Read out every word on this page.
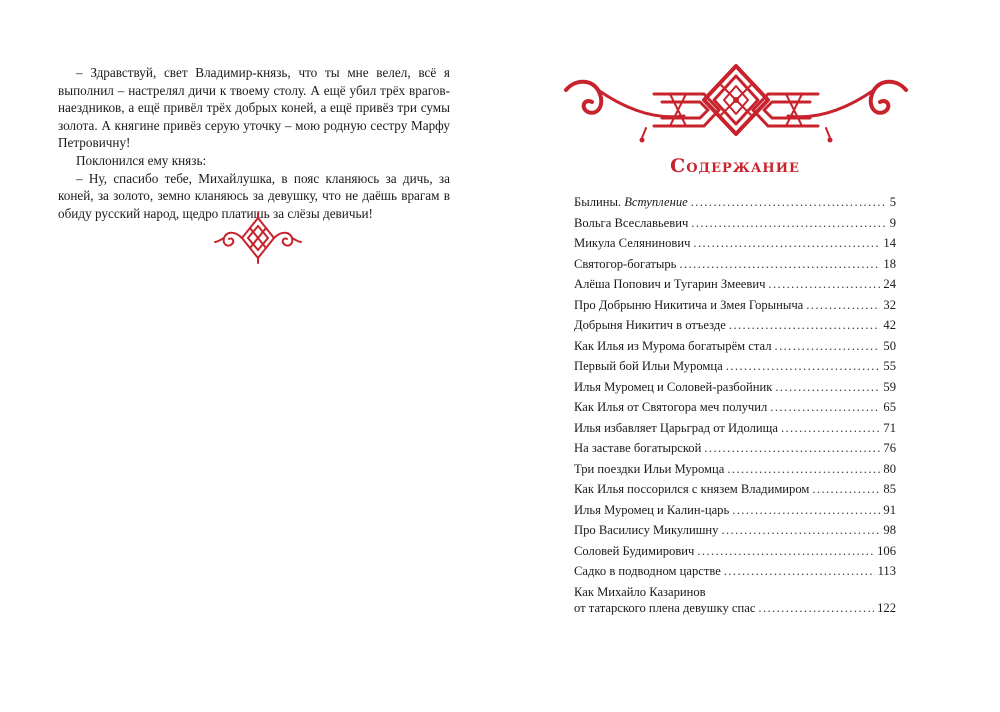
– Здравствуй, свет Владимир-князь, что ты мне велел, всё я выполнил – настрелял дичи к твоему столу. А ещё убил трёх врагов-наездников, а ещё привёл трёх добрых коней, а ещё привёз три сумы золота. А княгине привёз серую уточку – мою родную сестру Марфу Петровичну!

Поклонился ему князь:

– Ну, спасибо тебе, Михайлушка, в пояс кланяюсь за дичь, за коней, за золото, земно кланяюсь за девушку, что не даёшь врагам в обиду русский народ, щедро платишь за слёзы девичьи!

Содержание
Былины. Вступление .....	5
Вольга Всеславьевич .....	9
Микула Селянинович .....	14
Святогор-богатырь .....	18
Алёша Попович и Тугарин Змеевич .....	24
Про Добрыню Никитича и Змея Горыныча .....	32
Добрыня Никитич в отъезде .....	42
Как Илья из Мурома богатырём стал .....	50
Первый бой Ильи Муромца .....	55
Илья Муромец и Соловей-разбойник .....	59
Как Илья от Святогора меч получил .....	65
Илья избавляет Царьград от Идолища .....	71
На заставе богатырской .....	76
Три поездки Ильи Муромца .....	80
Как Илья поссорился с князем Владимиром .....	85
Илья Муромец и Калин-царь .....	91
Про Василису Микулишну .....	98
Соловей Будимирович .....	106
Садко в подводном царстве .....	113
Как Михайло Казаринов
от татарского плена девушку спас .....	122
